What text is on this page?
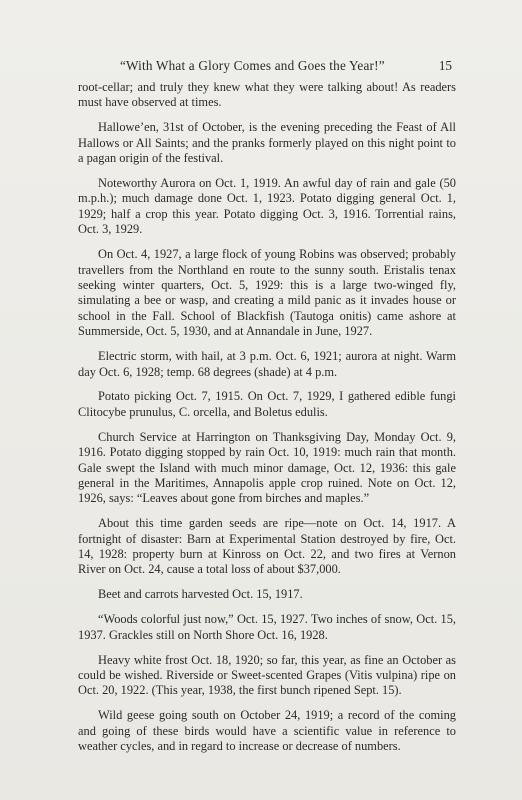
“With What a Glory Comes and Goes the Year!”	15

root-cellar; and truly they knew what they were talking about! As readers must have observed at times.

Hallowe’en, 31st of October, is the evening preceding the Feast of All Hallows or All Saints; and the pranks formerly played on this night point to a pagan origin of the festival.

Noteworthy Aurora on Oct. 1, 1919. An awful day of rain and gale (50 m.p.h.); much damage done Oct. 1, 1923. Potato digging general Oct. 1, 1929; half a crop this year. Potato digging Oct. 3, 1916. Torrential rains, Oct. 3, 1929.

On Oct. 4, 1927, a large flock of young Robins was observed; probably travellers from the Northland en route to the sunny south. Eristalis tenax seeking winter quarters, Oct. 5, 1929: this is a large two-winged fly, simulating a bee or wasp, and creating a mild panic as it invades house or school in the Fall. School of Blackfish (Tautoga onitis) came ashore at Summerside, Oct. 5, 1930, and at Annandale in June, 1927.

Electric storm, with hail, at 3 p.m. Oct. 6, 1921; aurora at night. Warm day Oct. 6, 1928; temp. 68 degrees (shade) at 4 p.m.

Potato picking Oct. 7, 1915. On Oct. 7, 1929, I gathered edible fungi Clitocybe prunulus, C. orcella, and Boletus edulis.

Church Service at Harrington on Thanksgiving Day, Monday Oct. 9, 1916. Potato digging stopped by rain Oct. 10, 1919: much rain that month. Gale swept the Island with much minor damage, Oct. 12, 1936: this gale general in the Maritimes, Annapolis apple crop ruined. Note on Oct. 12, 1926, says: “Leaves about gone from birches and maples.”

About this time garden seeds are ripe—note on Oct. 14, 1917. A fortnight of disaster: Barn at Experimental Station destroyed by fire, Oct. 14, 1928: property burn at Kinross on Oct. 22, and two fires at Vernon River on Oct. 24, cause a total loss of about $37,000.

Beet and carrots harvested Oct. 15, 1917.

“Woods colorful just now,” Oct. 15, 1927. Two inches of snow, Oct. 15, 1937. Grackles still on North Shore Oct. 16, 1928.

Heavy white frost Oct. 18, 1920; so far, this year, as fine an October as could be wished. Riverside or Sweet-scented Grapes (Vitis vulpina) ripe on Oct. 20, 1922. (This year, 1938, the first bunch ripened Sept. 15).

Wild geese going south on October 24, 1919; a record of the coming and going of these birds would have a scientific value in reference to weather cycles, and in regard to increase or decrease of numbers.
